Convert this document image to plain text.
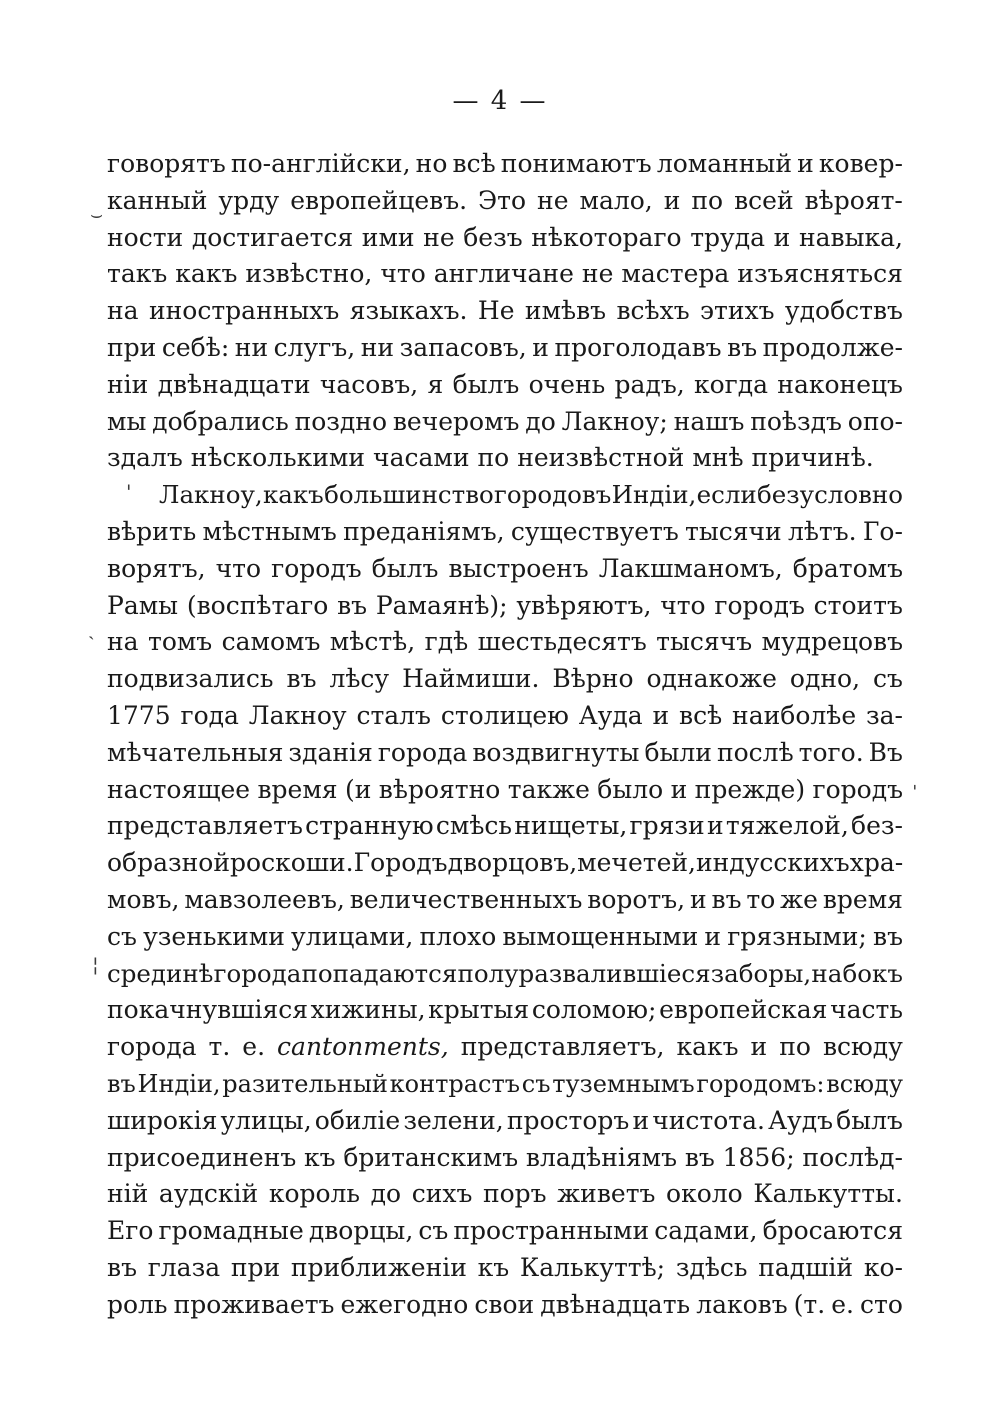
— 4 —
говорятъ по-англійски, но всѣ понимаютъ ломанный и ковер-
канный урду европейцевъ. Это не мало, и по всей вѣроят-
ности достигается ими не безъ нѣкотораго труда и навыка,
такъ какъ извѣстно, что англичане не мастера изъясняться
на иностранныхъ языкахъ. Не имѣвъ всѣхъ этихъ удобствъ
при себѣ: ни слугъ, ни запасовъ, и проголодавъ въ продолже-
ніи двѣнадцати часовъ, я былъ очень радъ, когда наконецъ
мы добрались поздно вечеромъ до Лакноу; нашъ поѣздъ опо-
здалъ нѣсколькими часами по неизвѣстной мнѣ причинѣ.
Лакноу, какъ большинство городовъ Индіи, если безусловно
вѣрить мѣстнымъ преданіямъ, существуетъ тысячи лѣтъ. Го-
ворятъ, что городъ былъ выстроенъ Лакшманомъ, братомъ
Рамы (воспѣтаго въ Рамаянѣ); увѣряютъ, что городъ стоитъ
на томъ самомъ мѣстѣ, гдѣ шестьдесятъ тысячъ мудрецовъ
подвизались въ лѣсу Наймиши. Вѣрно однакоже одно, съ
1775 года Лакноу сталъ столицею Ауда и всѣ наиболѣе за-
мѣчательныя зданія города воздвигнуты были послѣ того. Въ
настоящее время (и вѣроятно также было и прежде) городъ
представляетъ странную смѣсь нищеты, грязи и тяжелой, без-
образной роскоши. Городъ дворцовъ, мечетей, индусскихъ хра-
мовъ, мавзолеевъ, величественныхъ воротъ, и въ то же время
съ узенькими улицами, плохо вымощенными и грязными; въ
срединѣ города попадаются полуразвалившіеся заборы, на бокъ
покачнувшіяся хижины, крытыя соломою; европейская часть
города т. е. cantonments, представляетъ, какъ и по всюду
въ Индіи, разительный контрастъ съ туземнымъ городомъ: всюду
широкія улицы, обиліе зелени, просторъ и чистота. Аудъ былъ
присоединенъ къ британскимъ владѣніямъ въ 1856; послѣд-
ній аудскій король до сихъ поръ живетъ около Калькутты.
Его громадные дворцы, съ пространными садами, бросаются
въ глаза при приближеніи къ Калькуттѣ; здѣсь падшій ко-
роль проживаетъ ежегодно свои двѣнадцать лаковъ (т. е. сто
⌣
'
ˎ
ˌ
¦
